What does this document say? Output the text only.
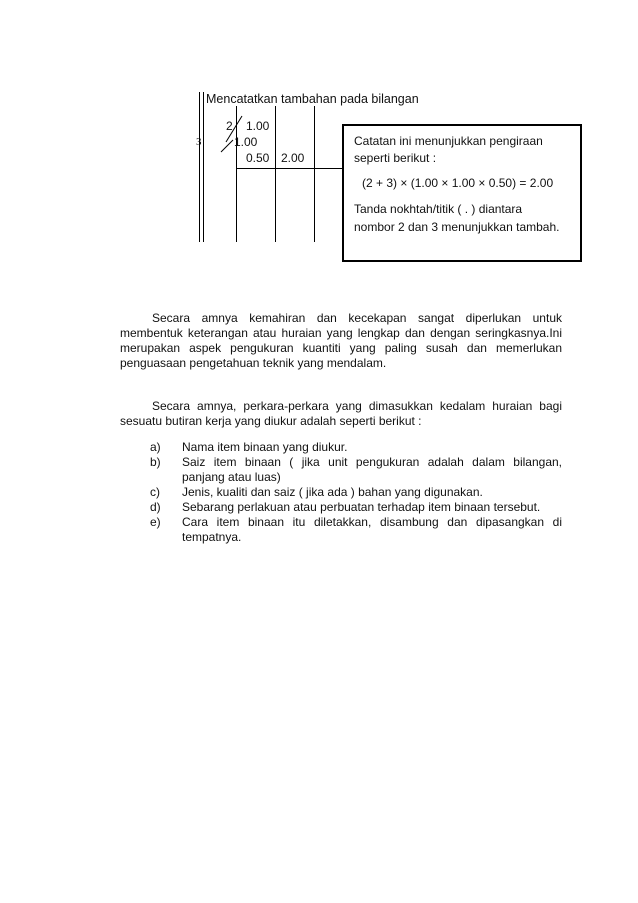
Mencatatkan tambahan pada bilangan
2 1.00
3	1.00
0.50 2.00
Catatan ini menunjukkan pengiraan
seperti berikut :
(2 + 3) × (1.00 × 1.00 × 0.50) = 2.00
Tanda nokhtah/titik ( . ) diantara
nombor 2 dan 3 menunjukkan tambah.
Secara amnya kemahiran dan kecekapan sangat diperlukan untuk membentuk keterangan atau huraian yang lengkap dan dengan seringkasnya.Ini merupakan aspek pengukuran kuantiti yang paling susah dan memerlukan penguasaan pengetahuan teknik yang mendalam.
Secara amnya, perkara-perkara yang dimasukkan kedalam huraian bagi sesuatu butiran kerja yang diukur adalah seperti berikut :
a) Nama item binaan yang diukur.
b) Saiz item binaan ( jika unit pengukuran adalah dalam bilangan, panjang atau luas)
c) Jenis, kualiti dan saiz ( jika ada ) bahan yang digunakan.
d) Sebarang perlakuan atau perbuatan terhadap item binaan tersebut.
e) Cara item binaan itu diletakkan, disambung dan dipasangkan di tempatnya.
